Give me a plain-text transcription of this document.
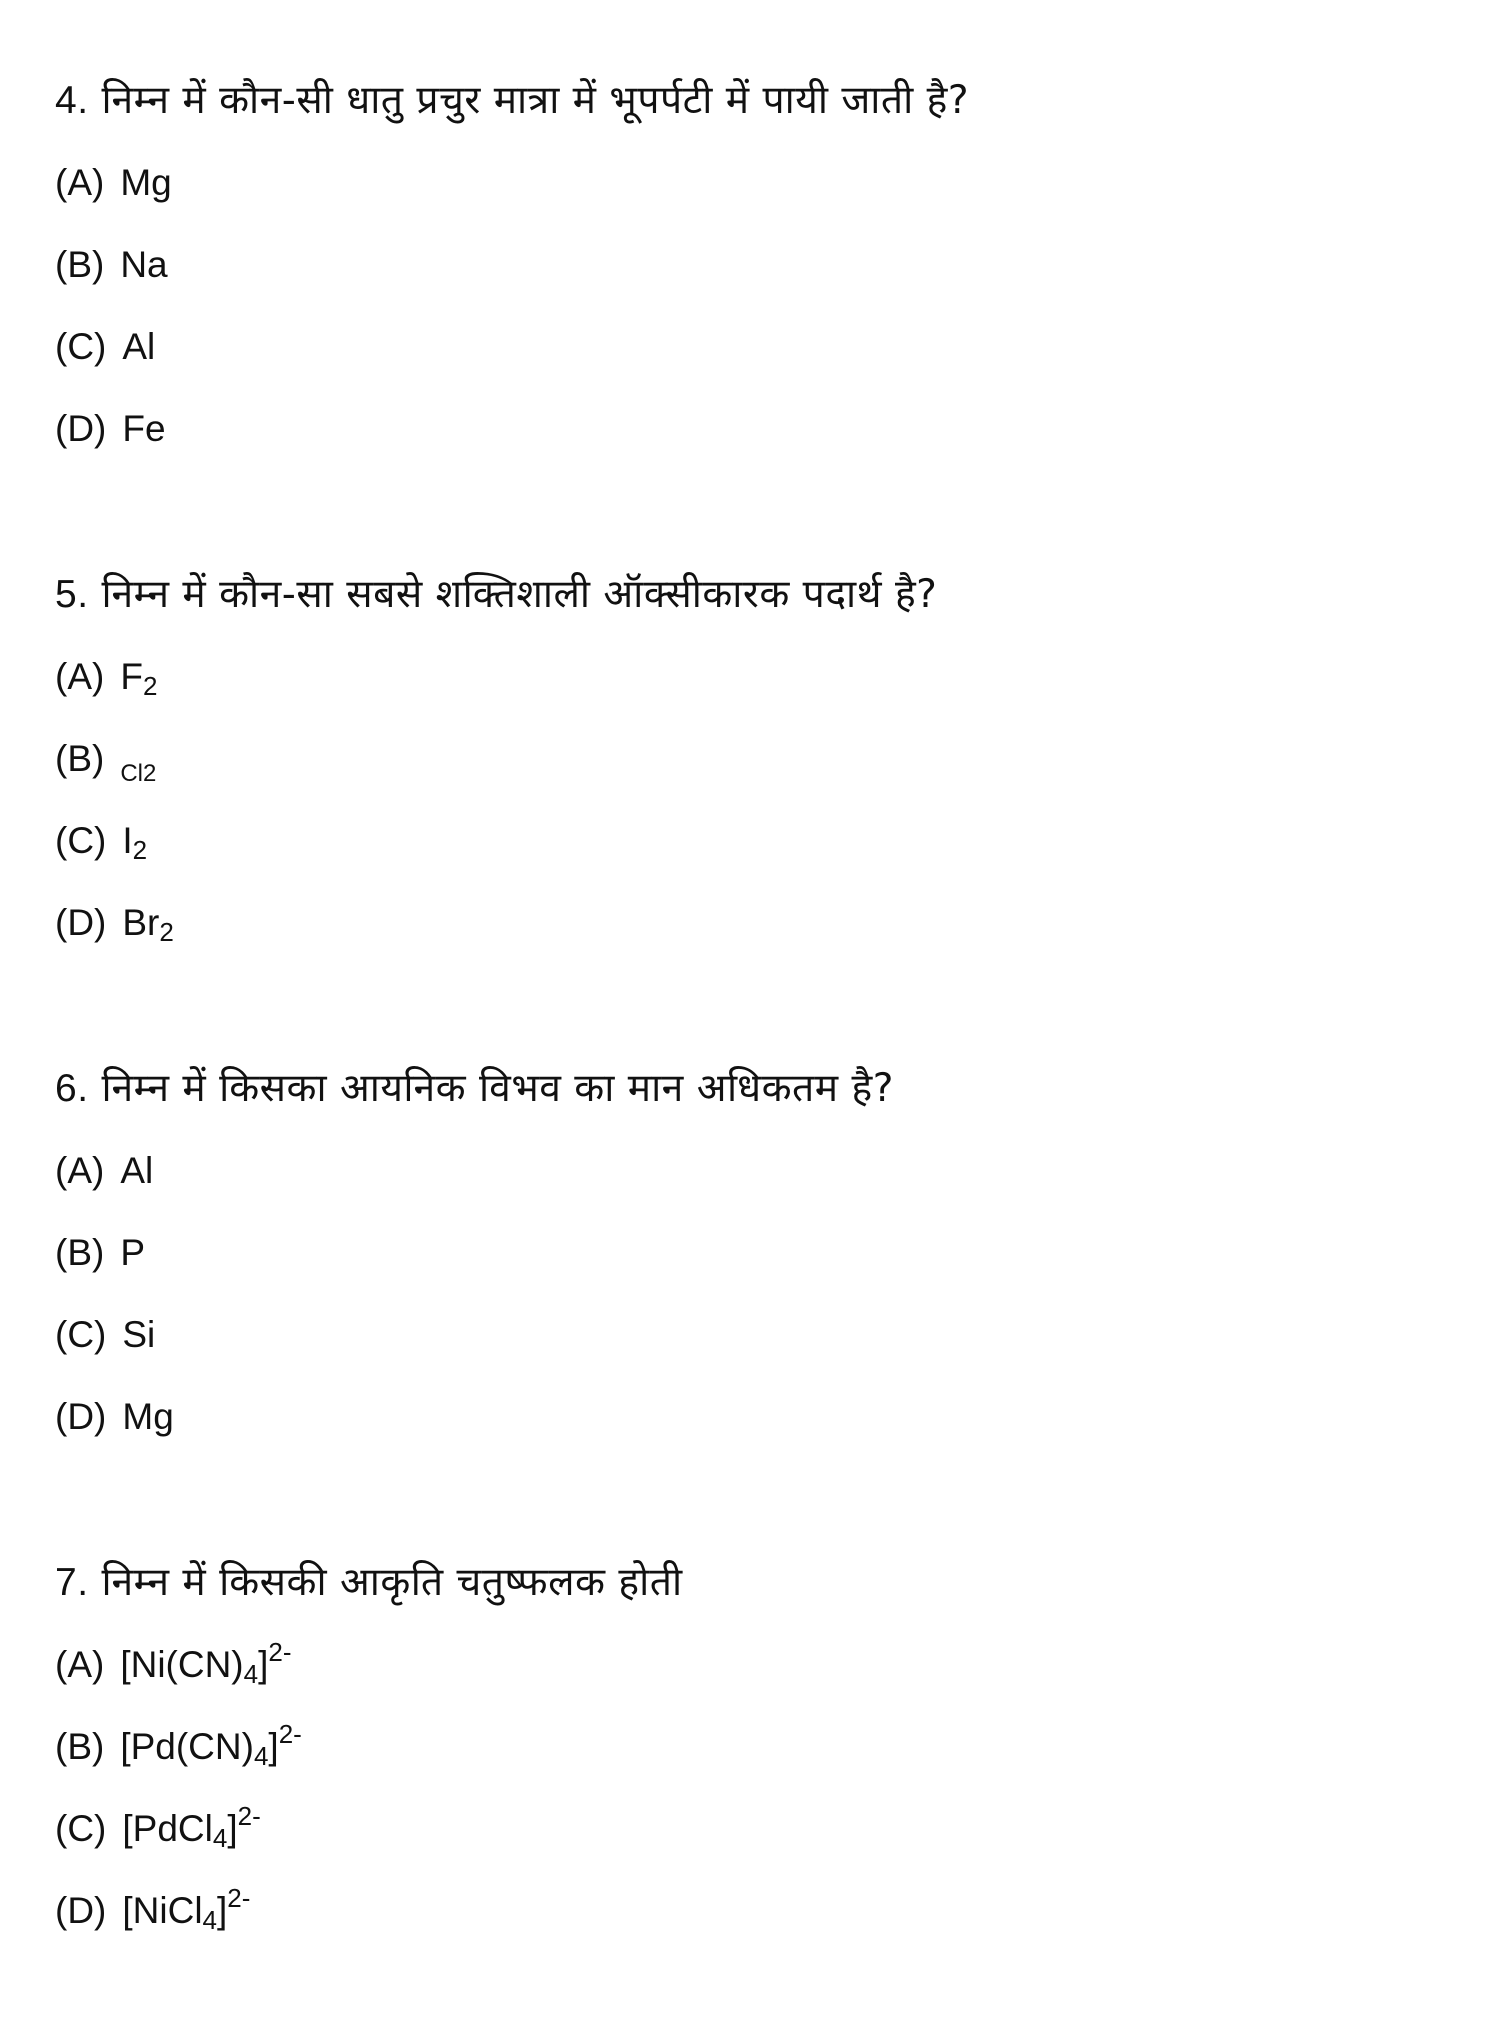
4. निम्न में कौन-सी धातु प्रचुर मात्रा में भूपर्पटी में पायी जाती है?
(A) Mg
(B) Na
(C) Al
(D) Fe
5. निम्न में कौन-सा सबसे शक्तिशाली ऑक्सीकारक पदार्थ है?
(A) $F_2$
(B) Cl2
(C) $I_2$
(D) $Br_2$
6. निम्न में किसका आयनिक विभव का मान अधिकतम है?
(A) Al
(B) P
(C) Si
(D) Mg
7. निम्न में किसकी आकृति चतुष्फलक होती
(A) $[Ni(CN)_4]^{2-}$
(B) $[Pd(CN)_4]^{2-}$
(C) [PdCl$_4$]$^{2-}$
(D) [NiCl$_4$]$^{2-}$
